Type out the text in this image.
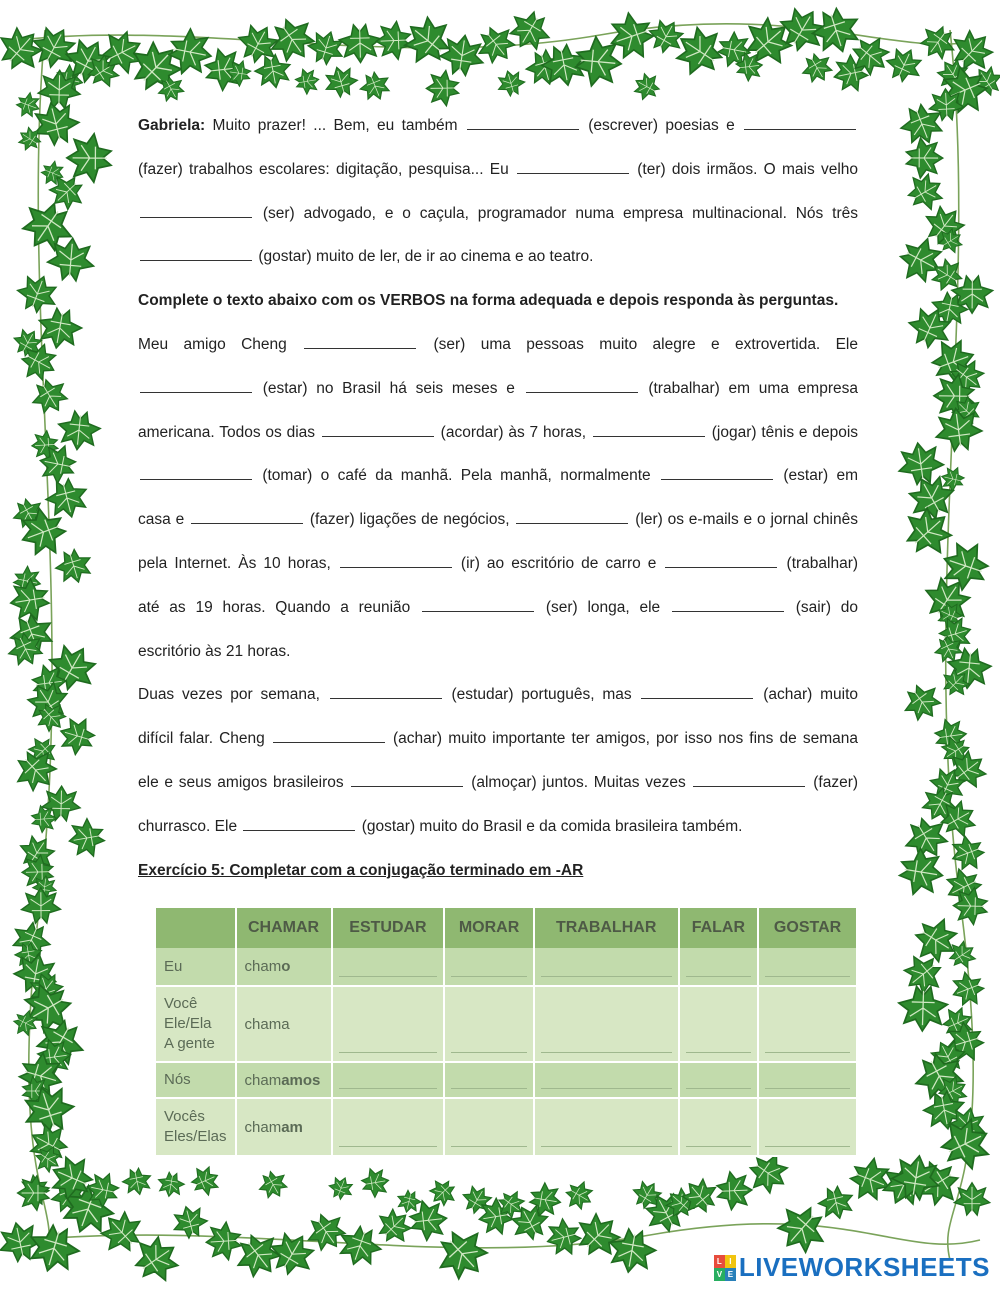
Gabriela: Muito prazer! ... Bem, eu também	(escrever) poesias e
(fazer) trabalhos escolares: digitação, pesquisa... Eu	(ter) dois irmãos. O mais velho
(ser) advogado, e o caçula, programador numa empresa multinacional. Nós três
(gostar) muito de ler, de ir ao cinema e ao teatro.
Complete o texto abaixo com os VERBOS na forma adequada e depois responda às perguntas.
Meu amigo Cheng	(ser) uma pessoas muito alegre e extrovertida. Ele
(estar) no Brasil há seis meses e	(trabalhar) em uma empresa
americana. Todos os dias	(acordar) às 7 horas,	(jogar) tênis e depois
(tomar) o café da manhã. Pela manhã, normalmente	(estar) em
casa e	(fazer) ligações de negócios,	(ler) os e-mails e o jornal chinês
pela Internet. Às 10 horas,	(ir) ao escritório de carro e	(trabalhar)
até as 19 horas. Quando a reunião	(ser) longa, ele	(sair) do
escritório às 21 horas.
Duas vezes por semana,	(estudar) português, mas	(achar) muito
difícil falar. Cheng	(achar) muito importante ter amigos, por isso nos fins de semana
ele e seus amigos brasileiros	(almoçar) juntos. Muitas vezes	(fazer)
churrasco. Ele	(gostar) muito do Brasil e da comida brasileira também.
Exercício 5: Completar com a conjugação terminado em -AR
	CHAMAR	ESTUDAR	MORAR	TRABALHAR	FALAR	GOSTAR
Eu	chamo	

Você
Ele/Ela
A gente	chama	

Nós	chamamos	

Vocês
Eles/Elas	chamam	

L I
V E LIVEWORKSHEETS
